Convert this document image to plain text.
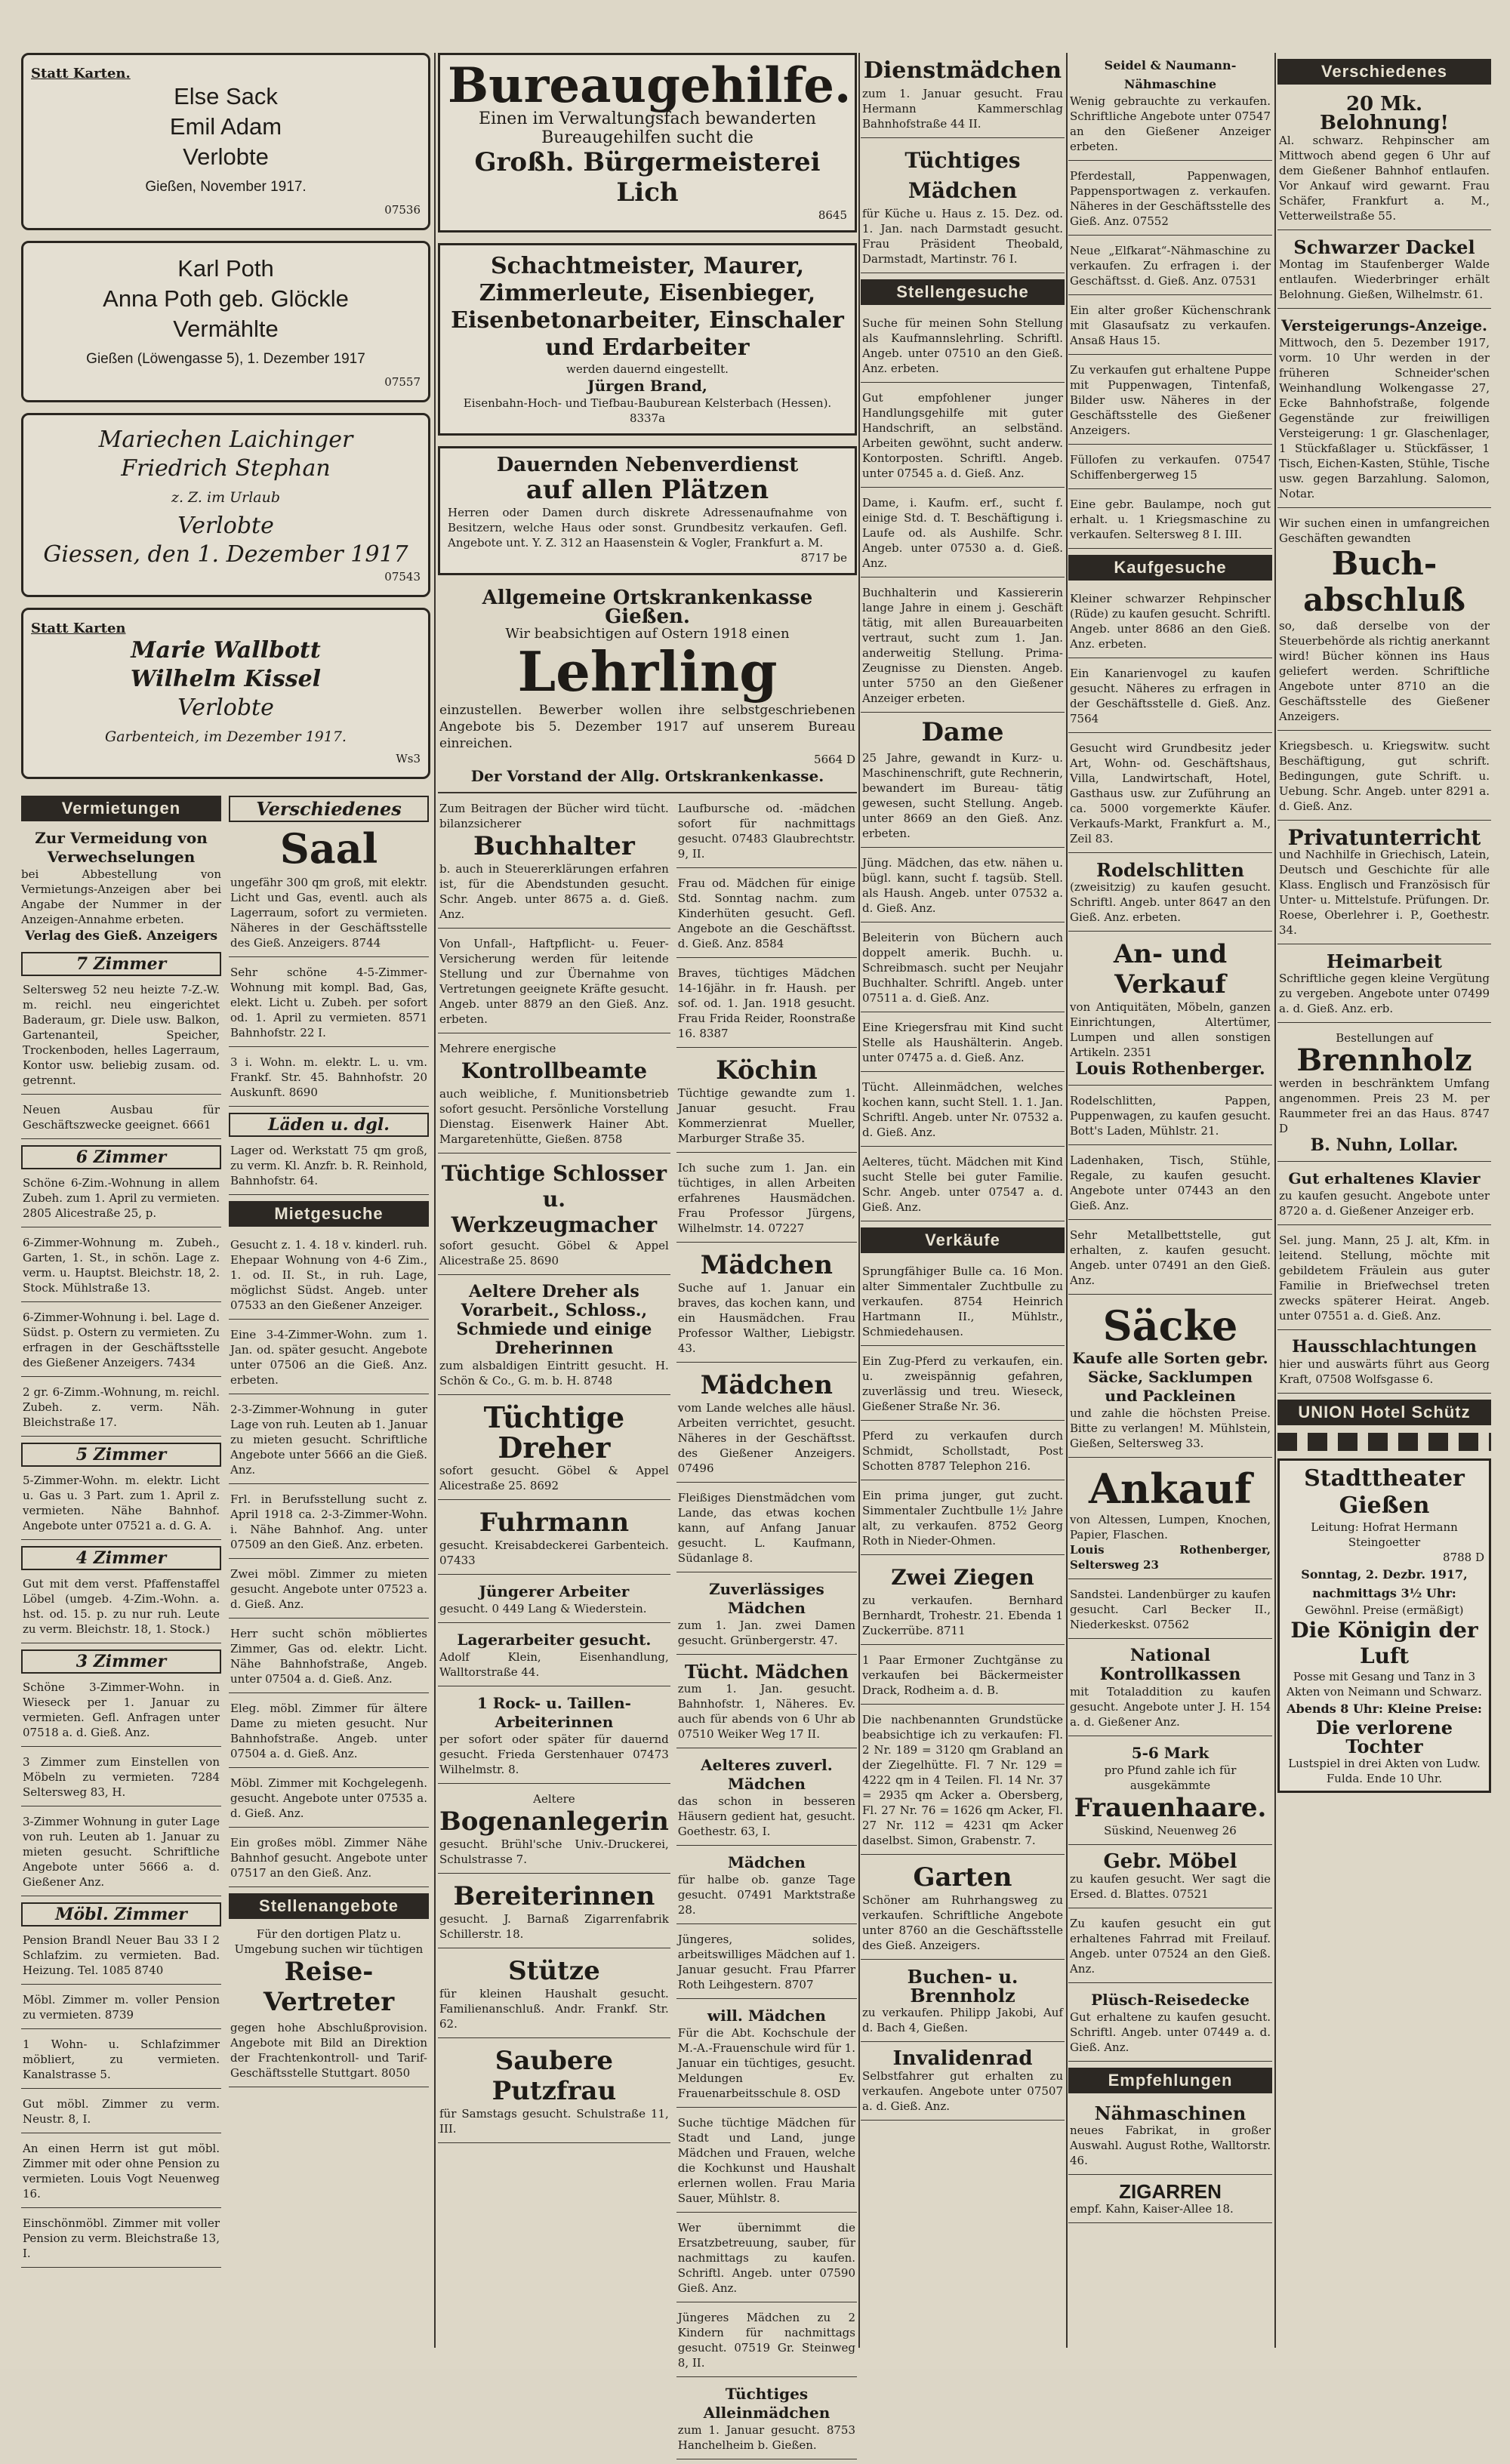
Statt Karten.
Else Sack
Emil Adam
Verlobte
Gießen, November 1917.
07536
Karl Poth
Anna Poth geb. Glöckle
Vermählte
Gießen (Löwengasse 5), 1. Dezember 1917
07557
Mariechen Laichinger
Friedrich Stephan
z. Z. im Urlaub
Verlobte
Giessen, den 1. Dezember 1917
07543
Statt Karten
Marie Wallbott
Wilhelm Kissel
Verlobte
Garbenteich, im Dezember 1917.
Ws3
Vermietungen
Zur Vermeidung von Verwechselungen
bei Abbestellung von Vermietungs-Anzeigen aber bei Angabe der Nummer in der Anzeigen-Annahme erbeten.
Verlag des Gieß. Anzeigers
7 Zimmer
Seltersweg 52 neu heizte 7-Z.-W. m. reichl. neu eingerichtet Baderaum, gr. Diele usw. Balkon, Gartenanteil, Speicher, Trockenboden, helles Lagerraum, Kontor usw. beliebig zusam. od. getrennt.
Neuen Ausbau für Geschäftszwecke geeignet. 6661
6 Zimmer
Schöne 6-Zim.-Wohnung in allem Zubeh. zum 1. April zu vermieten. 2805 Alicestraße 25, p.
6-Zimmer-Wohnung m. Zubeh., Garten, 1. St., in schön. Lage z. verm. u. Hauptst. Bleichstr. 18, 2. Stock. Mühlstraße 13.
6-Zimmer-Wohnung i. bel. Lage d. Südst. p. Ostern zu vermieten. Zu erfragen in der Geschäftsstelle des Gießener Anzeigers. 7434
2 gr. 6-Zimm.-Wohnung, m. reichl. Zubeh. z. verm. Näh. Bleichstraße 17.
5 Zimmer
5-Zimmer-Wohn. m. elektr. Licht u. Gas u. 3 Part. zum 1. April z. vermieten. Nähe Bahnhof. Angebote unter 07521 a. d. G. A.
4 Zimmer
Gut mit dem verst. Pfaffenstaffel Löbel (umgeb. 4-Zim.-Wohn. a. hst. od. 15. p. zu nur ruh. Leute zu verm. Bleichstr. 18, 1. Stock.)
3 Zimmer
Schöne 3-Zimmer-Wohn. in Wieseck per 1. Januar zu vermieten. Gefl. Anfragen unter 07518 a. d. Gieß. Anz.
3 Zimmer zum Einstellen von Möbeln zu vermieten. 7284 Seltersweg 83, H.
3-Zimmer Wohnung in guter Lage von ruh. Leuten ab 1. Januar zu mieten gesucht. Schriftliche Angebote unter 5666 a. d. Gießener Anz.
Möbl. Zimmer
Pension Brandl Neuer Bau 33 I 2 Schlafzim. zu vermieten. Bad. Heizung. Tel. 1085 8740
Möbl. Zimmer m. voller Pension zu vermieten. 8739
1 Wohn- u. Schlafzimmer möbliert, zu vermieten. Kanalstrasse 5.
Gut möbl. Zimmer zu verm. Neustr. 8, I.
An einen Herrn ist gut möbl. Zimmer mit oder ohne Pension zu vermieten. Louis Vogt Neuenweg 16.
Einschönmöbl. Zimmer mit voller Pension zu verm. Bleichstraße 13, I.
Verschiedenes
Saal
ungefähr 300 qm groß, mit elektr. Licht und Gas, eventl. auch als Lagerraum, sofort zu vermieten. Näheres in der Geschäftsstelle des Gieß. Anzeigers. 8744
Sehr schöne 4-5-Zimmer-Wohnung mit kompl. Bad, Gas, elekt. Licht u. Zubeh. per sofort od. 1. April zu vermieten. 8571 Bahnhofstr. 22 I.
3 i. Wohn. m. elektr. L. u. vm. Frankf. Str. 45. Bahnhofstr. 20 Auskunft. 8690
Läden u. dgl.
Lager od. Werkstatt 75 qm groß, zu verm. Kl. Anzfr. b. R. Reinhold, Bahnhofstr. 64.
Mietgesuche
Gesucht z. 1. 4. 18 v. kinderl. ruh. Ehepaar Wohnung von 4-6 Zim., 1. od. II. St., in ruh. Lage, möglichst Südst. Angeb. unter 07533 an den Gießener Anzeiger.
Eine 3-4-Zimmer-Wohn. zum 1. Jan. od. später gesucht. Angebote unter 07506 an die Gieß. Anz. erbeten.
2-3-Zimmer-Wohnung in guter Lage von ruh. Leuten ab 1. Januar zu mieten gesucht. Schriftliche Angebote unter 5666 an die Gieß. Anz.
Frl. in Berufsstellung sucht z. April 1918 ca. 2-3-Zimmer-Wohn. i. Nähe Bahnhof. Ang. unter 07509 an den Gieß. Anz. erbeten.
Zwei möbl. Zimmer zu mieten gesucht. Angebote unter 07523 a. d. Gieß. Anz.
Herr sucht schön möbliertes Zimmer, Gas od. elektr. Licht. Nähe Bahnhofstraße, Angeb. unter 07504 a. d. Gieß. Anz.
Eleg. möbl. Zimmer für ältere Dame zu mieten gesucht. Nur Bahnhofstraße. Angeb. unter 07504 a. d. Gieß. Anz.
Möbl. Zimmer mit Kochgelegenh. gesucht. Angebote unter 07535 a. d. Gieß. Anz.
Ein großes möbl. Zimmer Nähe Bahnhof gesucht. Angebote unter 07517 an den Gieß. Anz.
Stellenangebote
Für den dortigen Platz u. Umgebung suchen wir tüchtigen
Reise-Vertreter
gegen hohe Abschlußprovision. Angebote mit Bild an Direktion der Frachtenkontroll- und Tarif-Geschäftsstelle Stuttgart. 8050
Bureaugehilfe.
Einen im Verwaltungsfach bewanderten Bureaugehilfen sucht die
Großh. Bürgermeisterei Lich
8645
Schachtmeister, Maurer, Zimmerleute, Eisenbieger, Eisenbetonarbeiter, Einschaler und Erdarbeiter
werden dauernd eingestellt.
Jürgen Brand,
Eisenbahn-Hoch- und Tiefbau-Bauburean Kelsterbach (Hessen). 8337a
Dauernden Nebenverdienst
auf allen Plätzen
Herren oder Damen durch diskrete Adressenaufnahme von Besitzern, welche Haus oder sonst. Grundbesitz verkaufen. Gefl. Angebote unt. Y. Z. 312 an Haasenstein & Vogler, Frankfurt a. M.
8717 be
Allgemeine Ortskrankenkasse Gießen.
Wir beabsichtigen auf Ostern 1918 einen
Lehrling
einzustellen. Bewerber wollen ihre selbstgeschriebenen Angebote bis 5. Dezember 1917 auf unserem Bureau einreichen.
5664 D
Der Vorstand der Allg. Ortskrankenkasse.
Zum Beitragen der Bücher wird tücht. bilanzsicherer
Buchhalter
b. auch in Steuererklärungen erfahren ist, für die Abendstunden gesucht. Schr. Angeb. unter 8675 a. d. Gieß. Anz.
Von Unfall-, Haftpflicht- u. Feuer-Versicherung werden für leitende Stellung und zur Übernahme von Vertretungen geeignete Kräfte gesucht. Angeb. unter 8879 an den Gieß. Anz. erbeten.
Mehrere energische
Kontrollbeamte
auch weibliche, f. Munitionsbetrieb sofort gesucht. Persönliche Vorstellung Dienstag. Eisenwerk Hainer Abt. Margaretenhütte, Gießen. 8758
Tüchtige Schlosser u. Werkzeugmacher
sofort gesucht. Göbel & Appel Alicestraße 25. 8690
Aeltere Dreher als Vorarbeit., Schloss., Schmiede und einige Dreherinnen
zum alsbaldigen Eintritt gesucht. H. Schön & Co., G. m. b. H. 8748
Tüchtige Dreher
sofort gesucht. Göbel & Appel Alicestraße 25. 8692
Fuhrmann
gesucht. Kreisabdeckerei Garbenteich. 07433
Jüngerer Arbeiter
gesucht. 0 449 Lang & Wiederstein.
Lagerarbeiter gesucht.
Adolf Klein, Eisenhandlung, Walltorstraße 44.
1 Rock- u. Taillen-Arbeiterinnen
per sofort oder später für dauernd gesucht. Frieda Gerstenhauer 07473 Wilhelmstr. 8.
Aeltere
Bogenanlegerin
gesucht. Brühl'sche Univ.-Druckerei, Schulstrasse 7.
Bereiterinnen
gesucht. J. Barnaß Zigarrenfabrik Schillerstr. 18.
Stütze
für kleinen Haushalt gesucht. Familienanschluß. Andr. Frankf. Str. 62.
Saubere Putzfrau
für Samstags gesucht. Schulstraße 11, III.
Laufbursche od. -mädchen sofort für nachmittags gesucht. 07483 Glaubrechtstr. 9, II.
Frau od. Mädchen für einige Std. Sonntag nachm. zum Kinderhüten gesucht. Gefl. Angebote an die Geschäftsst. d. Gieß. Anz. 8584
Braves, tüchtiges Mädchen 14-16jähr. in fr. Haush. per sof. od. 1. Jan. 1918 gesucht. Frau Frida Reider, Roonstraße 16. 8387
Köchin
Tüchtige gewandte zum 1. Januar gesucht. Frau Kommerzienrat Mueller, Marburger Straße 35.
Ich suche zum 1. Jan. ein tüchtiges, in allen Arbeiten erfahrenes Hausmädchen. Frau Professor Jürgens, Wilhelmstr. 14. 07227
Mädchen
Suche auf 1. Januar ein braves, das kochen kann, und ein Hausmädchen. Frau Professor Walther, Liebigstr. 43.
Mädchen
vom Lande welches alle häusl. Arbeiten verrichtet, gesucht. Näheres in der Geschäftsst. des Gießener Anzeigers. 07496
Fleißiges Dienstmädchen vom Lande, das etwas kochen kann, auf Anfang Januar gesucht. L. Kaufmann, Südanlage 8.
Zuverlässiges Mädchen
zum 1. Jan. zwei Damen gesucht. Grünbergerstr. 47.
Tücht. Mädchen
zum 1. Jan. gesucht. Bahnhofstr. 1, Näheres. Ev. auch für abends von 6 Uhr ab 07510 Weiker Weg 17 II.
Aelteres zuverl. Mädchen
das schon in besseren Häusern gedient hat, gesucht. Goethestr. 63, I.
Mädchen
für halbe ob. ganze Tage gesucht. 07491 Marktstraße 28.
Jüngeres, solides, arbeitswilliges Mädchen auf 1. Januar gesucht. Frau Pfarrer Roth Leihgestern. 8707
will. Mädchen
Für die Abt. Kochschule der M.-A.-Frauenschule wird für 1. Januar ein tüchtiges, gesucht. Meldungen Ev. Frauenarbeitsschule 8. OSD
Suche tüchtige Mädchen für Stadt und Land, junge Mädchen und Frauen, welche die Kochkunst und Haushalt erlernen wollen. Frau Maria Sauer, Mühlstr. 8.
Wer übernimmt die Ersatzbetreuung, sauber, für nachmittags zu kaufen. Schriftl. Angeb. unter 07590 Gieß. Anz.
Jüngeres Mädchen zu 2 Kindern für nachmittags gesucht. 07519 Gr. Steinweg 8, II.
Tüchtiges Alleinmädchen
zum 1. Januar gesucht. 8753 Hanchelheim b. Gießen.
Dienstmädchen
zum 1. Januar gesucht. Frau Hermann Kammerschlag Bahnhofstraße 44 II.
Tüchtiges Mädchen
für Küche u. Haus z. 15. Dez. od. 1. Jan. nach Darmstadt gesucht. Frau Präsident Theobald, Darmstadt, Martinstr. 76 I.
Stellengesuche
Suche für meinen Sohn Stellung als Kaufmannslehrling. Schriftl. Angeb. unter 07510 an den Gieß. Anz. erbeten.
Gut empfohlener junger Handlungsgehilfe mit guter Handschrift, an selbständ. Arbeiten gewöhnt, sucht anderw. Kontorposten. Schriftl. Angeb. unter 07545 a. d. Gieß. Anz.
Dame, i. Kaufm. erf., sucht f. einige Std. d. T. Beschäftigung i. Laufe od. als Aushilfe. Schr. Angeb. unter 07530 a. d. Gieß. Anz.
Buchhalterin und Kassiererin lange Jahre in einem j. Geschäft tätig, mit allen Bureauarbeiten vertraut, sucht zum 1. Jan. anderweitig Stellung. Prima-Zeugnisse zu Diensten. Angeb. unter 5750 an den Gießener Anzeiger erbeten.
Dame
25 Jahre, gewandt in Kurz- u. Maschinenschrift, gute Rechnerin, bewandert im Bureau- tätig gewesen, sucht Stellung. Angeb. unter 8669 an den Gieß. Anz. erbeten.
Jüng. Mädchen, das etw. nähen u. bügl. kann, sucht f. tagsüb. Stell. als Haush. Angeb. unter 07532 a. d. Gieß. Anz.
Beleiterin von Büchern auch doppelt amerik. Buchh. u. Schreibmasch. sucht per Neujahr Buchhalter. Schriftl. Angeb. unter 07511 a. d. Gieß. Anz.
Eine Kriegersfrau mit Kind sucht Stelle als Haushälterin. Angeb. unter 07475 a. d. Gieß. Anz.
Tücht. Alleinmädchen, welches kochen kann, sucht Stell. 1. 1. Jan. Schriftl. Angeb. unter Nr. 07532 a. d. Gieß. Anz.
Aelteres, tücht. Mädchen mit Kind sucht Stelle bei guter Familie. Schr. Angeb. unter 07547 a. d. Gieß. Anz.
Verkäufe
Sprungfähiger Bulle ca. 16 Mon. alter Simmentaler Zuchtbulle zu verkaufen. 8754 Heinrich Hartmann II., Mühlstr., Schmiedehausen.
Ein Zug-Pferd zu verkaufen, ein. u. zweispännig gefahren, zuverlässig und treu. Wieseck, Gießener Straße Nr. 36.
Pferd zu verkaufen durch Schmidt, Schollstadt, Post Schotten 8787 Telephon 216.
Ein prima junger, gut zucht. Simmentaler Zuchtbulle 1½ Jahre alt, zu verkaufen. 8752 Georg Roth in Nieder-Ohmen.
Zwei Ziegen
zu verkaufen. Bernhard Bernhardt, Trohestr. 21. Ebenda 1 Zuckerrübe. 8711
1 Paar Ermoner Zuchtgänse zu verkaufen bei Bäckermeister Drack, Rodheim a. d. B.
Die nachbenannten Grundstücke beabsichtige ich zu verkaufen: Fl. 2 Nr. 189 = 3120 qm Grabland an der Ziegelhütte. Fl. 7 Nr. 129 = 4222 qm in 4 Teilen. Fl. 14 Nr. 37 = 2935 qm Acker a. Obersberg, Fl. 27 Nr. 76 = 1626 qm Acker, Fl. 27 Nr. 112 = 4231 qm Acker daselbst. Simon, Grabenstr. 7.
Garten
Schöner am Ruhrhangsweg zu verkaufen. Schriftliche Angebote unter 8760 an die Geschäftsstelle des Gieß. Anzeigers.
Buchen- u. Brennholz
zu verkaufen. Philipp Jakobi, Auf d. Bach 4, Gießen.
Invalidenrad
Selbstfahrer gut erhalten zu verkaufen. Angebote unter 07507 a. d. Gieß. Anz.
Seidel & Naumann-Nähmaschine
Wenig gebrauchte zu verkaufen. Schriftliche Angebote unter 07547 an den Gießener Anzeiger erbeten.
Pferdestall, Pappenwagen, Pappensportwagen z. verkaufen. Näheres in der Geschäftsstelle des Gieß. Anz. 07552
Neue „Elfkarat“-Nähmaschine zu verkaufen. Zu erfragen i. der Geschäftsst. d. Gieß. Anz. 07531
Ein alter großer Küchenschrank mit Glasaufsatz zu verkaufen. Ansaß Haus 15.
Zu verkaufen gut erhaltene Puppe mit Puppenwagen, Tintenfaß, Bilder usw. Näheres in der Geschäftsstelle des Gießener Anzeigers.
Füllofen zu verkaufen. 07547 Schiffenbergerweg 15
Eine gebr. Baulampe, noch gut erhalt. u. 1 Kriegsmaschine zu verkaufen. Seltersweg 8 I. III.
Kaufgesuche
Kleiner schwarzer Rehpinscher (Rüde) zu kaufen gesucht. Schriftl. Angeb. unter 8686 an den Gieß. Anz. erbeten.
Ein Kanarienvogel zu kaufen gesucht. Näheres zu erfragen in der Geschäftsstelle d. Gieß. Anz. 7564
Gesucht wird Grundbesitz jeder Art, Wohn- od. Geschäftshaus, Villa, Landwirtschaft, Hotel, Gasthaus usw. zur Zuführung an ca. 5000 vorgemerkte Käufer. Verkaufs-Markt, Frankfurt a. M., Zeil 83.
Rodelschlitten
(zweisitzig) zu kaufen gesucht. Schriftl. Angeb. unter 8647 an den Gieß. Anz. erbeten.
An- und Verkauf
von Antiquitäten, Möbeln, ganzen Einrichtungen, Altertümer, Lumpen und allen sonstigen Artikeln. 2351
Louis Rothenberger.
Rodelschlitten, Pappen, Puppenwagen, zu kaufen gesucht. Bott's Laden, Mühlstr. 21.
Ladenhaken, Tisch, Stühle, Regale, zu kaufen gesucht. Angebote unter 07443 an den Gieß. Anz.
Sehr Metallbettstelle, gut erhalten, z. kaufen gesucht. Angeb. unter 07491 an den Gieß. Anz.
Säcke
Kaufe alle Sorten gebr. Säcke, Sacklumpen und Packleinen
und zahle die höchsten Preise. Bitte zu verlangen! M. Mühlstein, Gießen, Seltersweg 33.
Ankauf
von Altessen, Lumpen, Knochen, Papier, Flaschen.
Louis Rothenberger, Seltersweg 23
Sandstei. Landenbürger zu kaufen gesucht. Carl Becker II., Niederkeskst. 07562
National Kontrollkassen
mit Totaladdition zu kaufen gesucht. Angebote unter J. H. 154 a. d. Gießener Anz.
5-6 Mark
pro Pfund zahle ich für ausgekämmte
Frauenhaare.
Süskind, Neuenweg 26
Gebr. Möbel
zu kaufen gesucht. Wer sagt die Ersed. d. Blattes. 07521
Zu kaufen gesucht ein gut erhaltenes Fahrrad mit Freilauf. Angeb. unter 07524 an den Gieß. Anz.
Plüsch-Reisedecke
Gut erhaltene zu kaufen gesucht. Schriftl. Angeb. unter 07449 a. d. Gieß. Anz.
Empfehlungen
Nähmaschinen
neues Fabrikat, in großer Auswahl. August Rothe, Walltorstr. 46.
ZIGARREN
empf. Kahn, Kaiser-Allee 18.
Verschiedenes
20 Mk. Belohnung!
Al. schwarz. Rehpinscher am Mittwoch abend gegen 6 Uhr auf dem Gießener Bahnhof entlaufen. Vor Ankauf wird gewarnt. Frau Schäfer, Frankfurt a. M., Vetterweilstraße 55.
Schwarzer Dackel
Montag im Staufenberger Walde entlaufen. Wiederbringer erhält Belohnung. Gießen, Wilhelmstr. 61.
Versteigerungs-Anzeige.
Mittwoch, den 5. Dezember 1917, vorm. 10 Uhr werden in der früheren Schneider'schen Weinhandlung Wolkengasse 27, Ecke Bahnhofstraße, folgende Gegenstände zur freiwilligen Versteigerung: 1 gr. Glaschenlager, 1 Stückfaßlager u. Stückfässer, 1 Tisch, Eichen-Kasten, Stühle, Tische usw. gegen Barzahlung. Salomon, Notar.
Wir suchen einen in umfangreichen Geschäften gewandten
Buch-abschluß
so, daß derselbe von der Steuerbehörde als richtig anerkannt wird! Bücher können ins Haus geliefert werden. Schriftliche Angebote unter 8710 an die Geschäftsstelle des Gießener Anzeigers.
Kriegsbesch. u. Kriegswitw. sucht Beschäftigung, gut schrift. Bedingungen, gute Schrift. u. Uebung. Schr. Angeb. unter 8291 a. d. Gieß. Anz.
Privatunterricht
und Nachhilfe in Griechisch, Latein, Deutsch und Geschichte für alle Klass. Englisch und Französisch für Unter- u. Mittelstufe. Prüfungen. Dr. Roese, Oberlehrer i. P., Goethestr. 34.
Heimarbeit
Schriftliche gegen kleine Vergütung zu vergeben. Angebote unter 07499 a. d. Gieß. Anz. erb.
Bestellungen auf
Brennholz
werden in beschränktem Umfang angenommen. Preis 23 M. per Raummeter frei an das Haus. 8747 D
B. Nuhn, Lollar.
Gut erhaltenes Klavier
zu kaufen gesucht. Angebote unter 8720 a. d. Gießener Anzeiger erb.
Sel. jung. Mann, 25 J. alt, Kfm. in leitend. Stellung, möchte mit gebildetem Fräulein aus guter Familie in Briefwechsel treten zwecks späterer Heirat. Angeb. unter 07551 a. d. Gieß. Anz.
Hausschlachtungen
hier und auswärts führt aus Georg Kraft, 07508 Wolfsgasse 6.
UNION Hotel Schütz
Stadttheater Gießen
Leitung: Hofrat Hermann Steingoetter
8788 D
Sonntag, 2. Dezbr. 1917, nachmittags 3½ Uhr:
Gewöhnl. Preise (ermäßigt)
Die Königin der Luft
Posse mit Gesang und Tanz in 3 Akten von Neimann und Schwarz.
Abends 8 Uhr: Kleine Preise:
Die verlorene Tochter
Lustspiel in drei Akten von Ludw. Fulda. Ende 10 Uhr.
